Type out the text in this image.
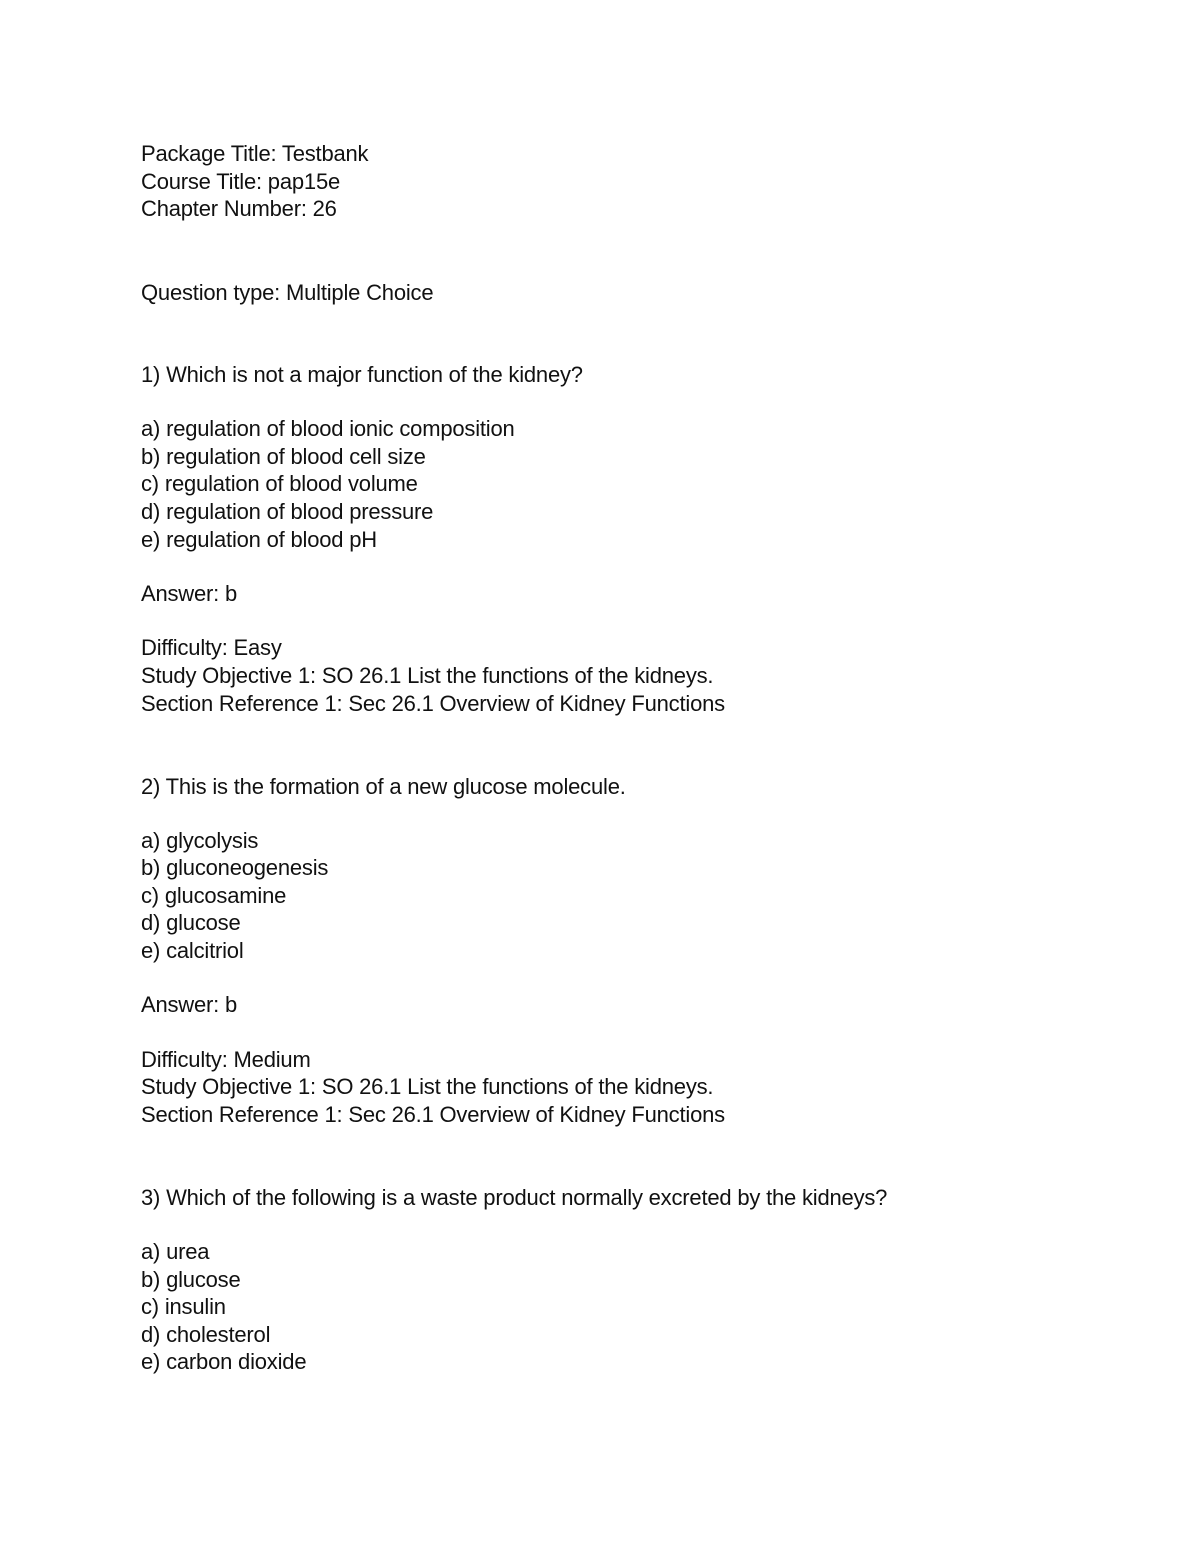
Package Title: Testbank
Course Title: pap15e
Chapter Number: 26
Question type: Multiple Choice
1) Which is not a major function of the kidney?
a) regulation of blood ionic composition
b) regulation of blood cell size
c) regulation of blood volume
d) regulation of blood pressure
e) regulation of blood pH
Answer: b
Difficulty: Easy
Study Objective 1: SO 26.1 List the functions of the kidneys.
Section Reference 1: Sec 26.1 Overview of Kidney Functions
2) This is the formation of a new glucose molecule.
a) glycolysis
b) gluconeogenesis
c) glucosamine
d) glucose
e) calcitriol
Answer: b
Difficulty: Medium
Study Objective 1: SO 26.1 List the functions of the kidneys.
Section Reference 1: Sec 26.1 Overview of Kidney Functions
3) Which of the following is a waste product normally excreted by the kidneys?
a) urea
b) glucose
c) insulin
d) cholesterol
e) carbon dioxide
